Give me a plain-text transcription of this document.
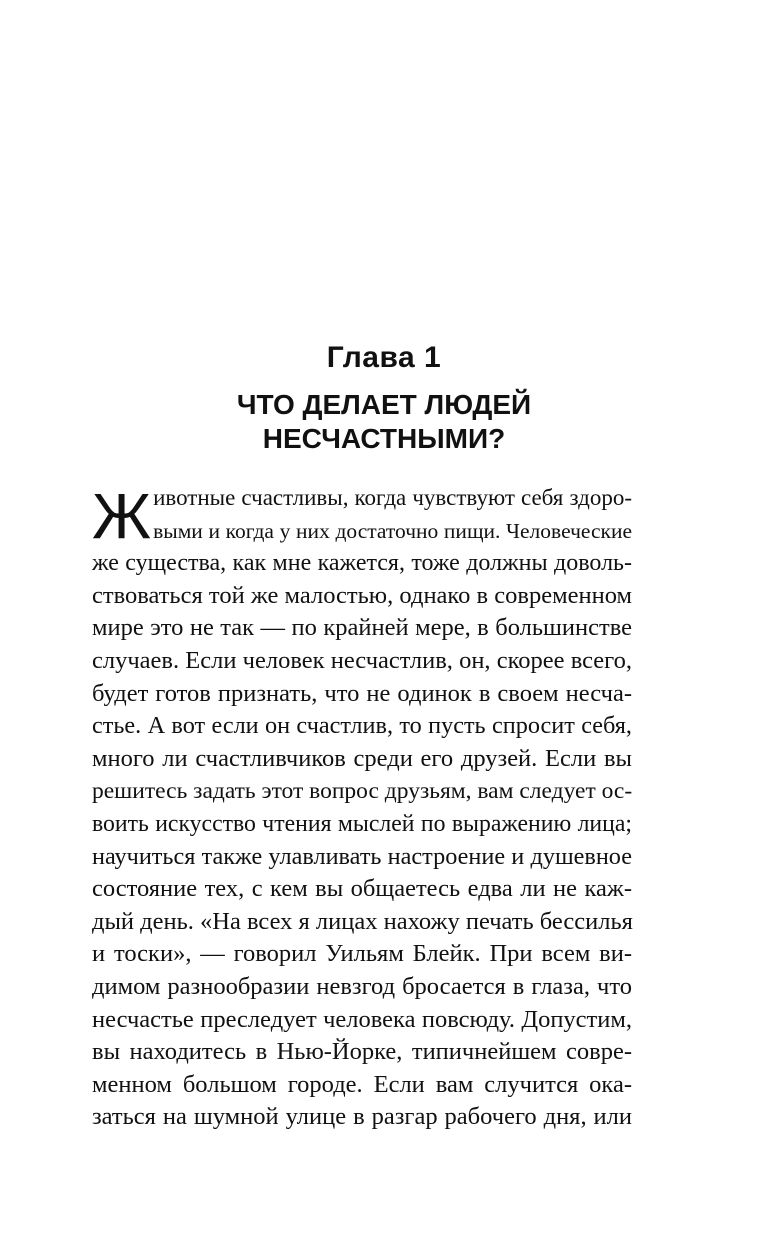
Глава 1
ЧТО ДЕЛАЕТ ЛЮДЕЙ
НЕСЧАСТНЫМИ?
Животные счастливы, когда чувствуют себя здоро-
выми и когда у них достаточно пищи. Человеческие
же существа, как мне кажется, тоже должны доволь-
ствоваться той же малостью, однако в современном
мире это не так — по крайней мере, в большинстве
случаев. Если человек несчастлив, он, скорее всего,
будет готов признать, что не одинок в своем несча-
стье. А вот если он счастлив, то пусть спросит себя,
много ли счастливчиков среди его друзей. Если вы
решитесь задать этот вопрос друзьям, вам следует ос-
воить искусство чтения мыслей по выражению лица;
научиться также улавливать настроение и душевное
состояние тех, с кем вы общаетесь едва ли не каж-
дый день. «На всех я лицах нахожу печать бессилья
и тоски», — говорил Уильям Блейк. При всем ви-
димом разнообразии невзгод бросается в глаза, что
несчастье преследует человека повсюду. Допустим,
вы находитесь в Нью-Йорке, типичнейшем совре-
менном большом городе. Если вам случится ока-
заться на шумной улице в разгар рабочего дня, или
